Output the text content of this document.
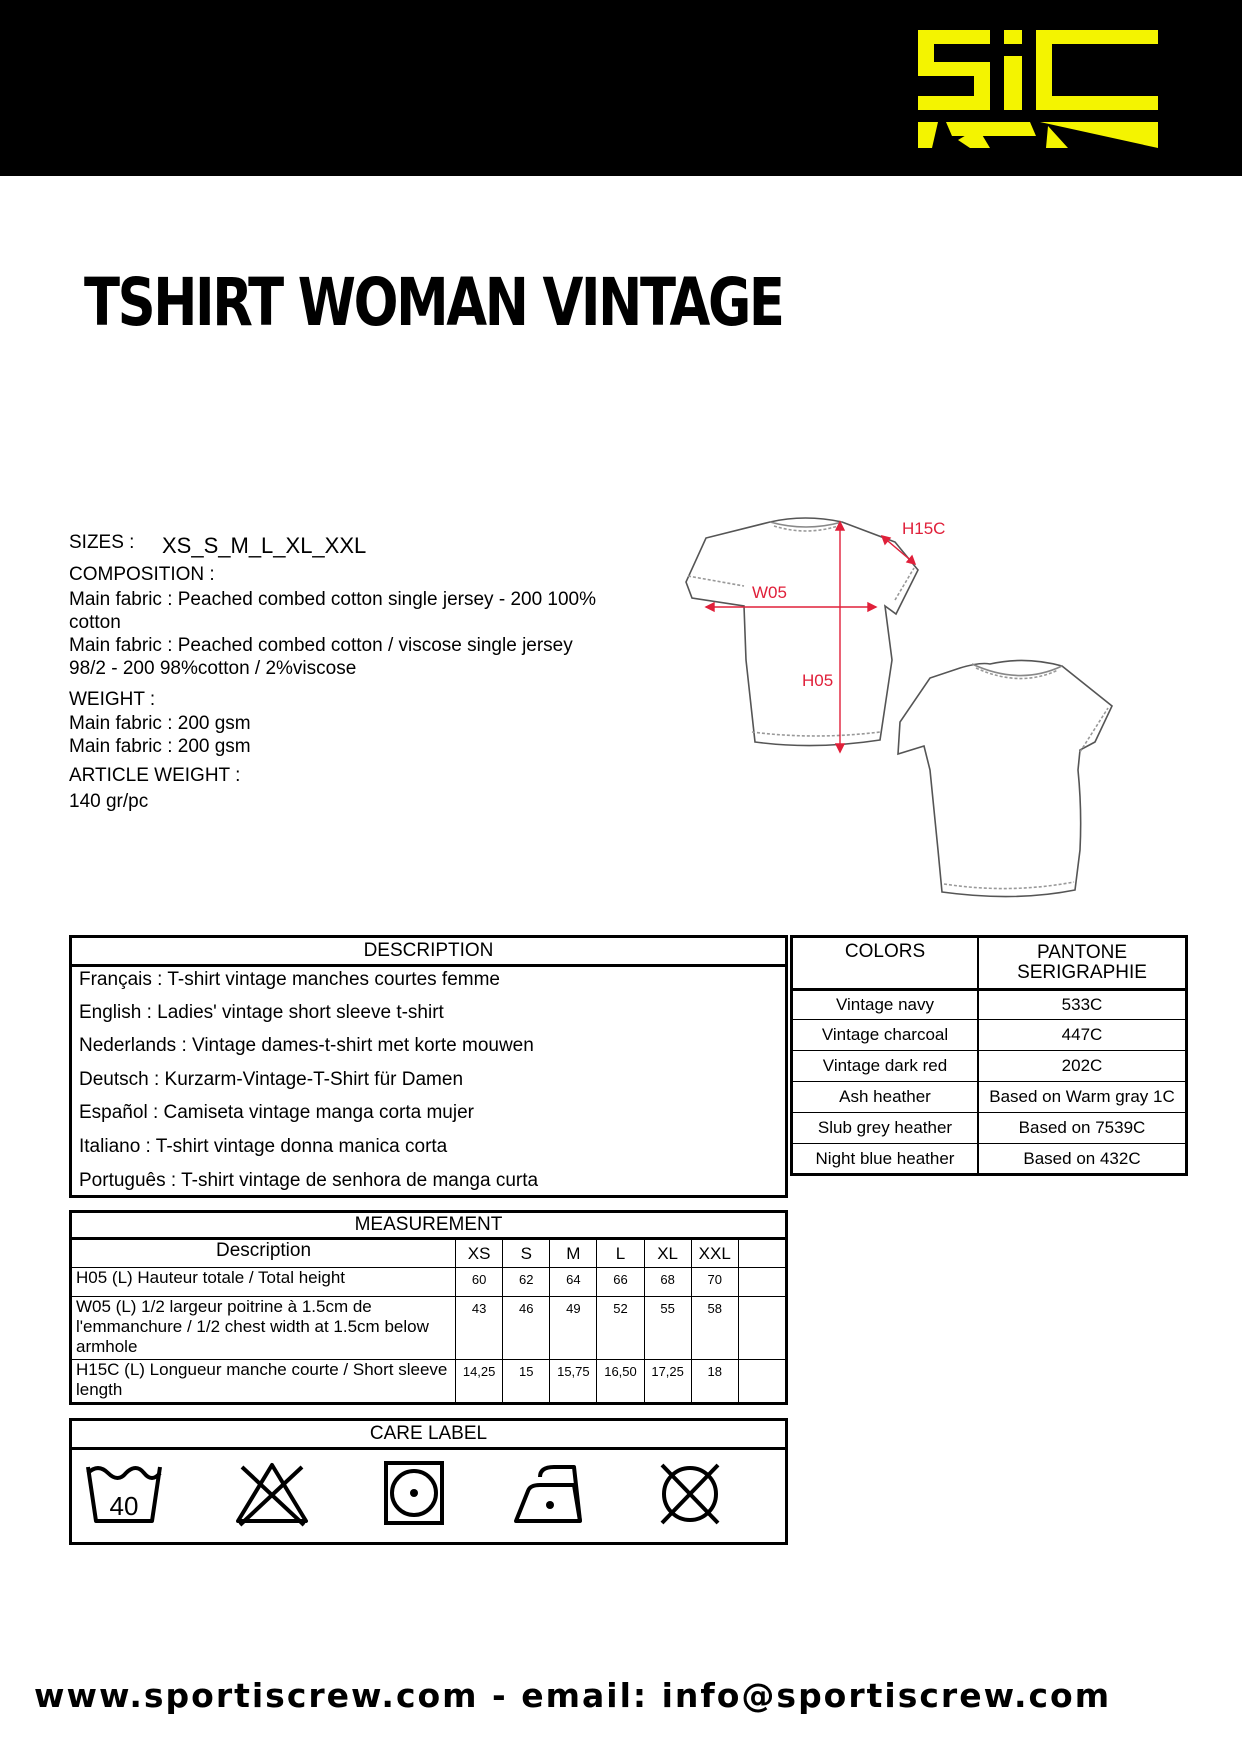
TSHIRT WOMAN VINTAGE
SIZES : XS_S_M_L_XL_XXL
COMPOSITION :
Main fabric : Peached combed cotton single jersey - 200 100%
cotton
Main fabric : Peached combed cotton / viscose single jersey
98/2 - 200 98%cotton / 2%viscose
WEIGHT :
Main fabric : 200 gsm
Main fabric : 200 gsm
ARTICLE WEIGHT :
140 gr/pc
H15C
W05
H05
DESCRIPTION
Français : T-shirt vintage manches courtes femme
English : Ladies' vintage short sleeve t-shirt
Nederlands : Vintage dames-t-shirt met korte mouwen
Deutsch : Kurzarm-Vintage-T-Shirt für Damen
Español : Camiseta vintage manga corta mujer
Italiano : T-shirt vintage donna manica corta
Português : T-shirt vintage de senhora de manga curta
COLORS	PANTONE
SERIGRAPHIE

Vintage navy	533C
Vintage charcoal	447C
Vintage dark red	202C
Ash heather	Based on Warm gray 1C
Slub grey heather	Based on 7539C
Night blue heather	Based on 432C
MEASUREMENT							
Description	XS	S	M	L	XL	XXL	
H05 (L) Hauteur totale / Total height	60	62	64	66	68	70	
W05 (L) 1/2 largeur poitrine à 1.5cm de l'emmanchure / 1/2 chest width at 1.5cm below armhole	43	46	49	52	55	58	
H15C (L) Longueur manche courte / Short sleeve length	14,25	15	15,75	16,50	17,25	18	
CARE LABEL
40
www.sportiscrew.com - email: info@sportiscrew.com
